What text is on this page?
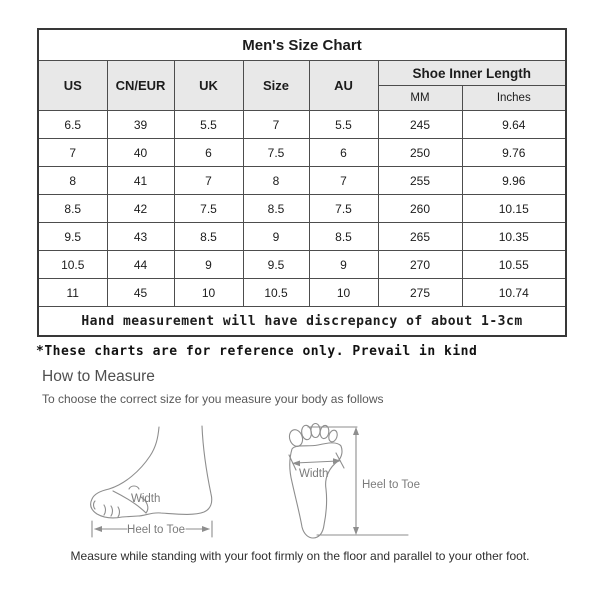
Men's Size Chart						
US	CN/EUR	UK	Size	AU	Shoe Inner Length	
					MM	Inches
6.5	39	5.5	7	5.5	245	9.64
7	40	6	7.5	6	250	9.76
8	41	7	8	7	255	9.96
8.5	42	7.5	8.5	7.5	260	10.15
9.5	43	8.5	9	8.5	265	10.35
10.5	44	9	9.5	9	270	10.55
11	45	10	10.5	10	275	10.74
Hand measurement will have discrepancy of about 1-3cm						
*These charts are for reference only. Prevail in kind
How to Measure
To choose the correct size for you measure your body as follows
Width
Heel to Toe
Width
Heel to Toe
Measure while standing with your foot firmly on the floor and parallel to your other foot.
